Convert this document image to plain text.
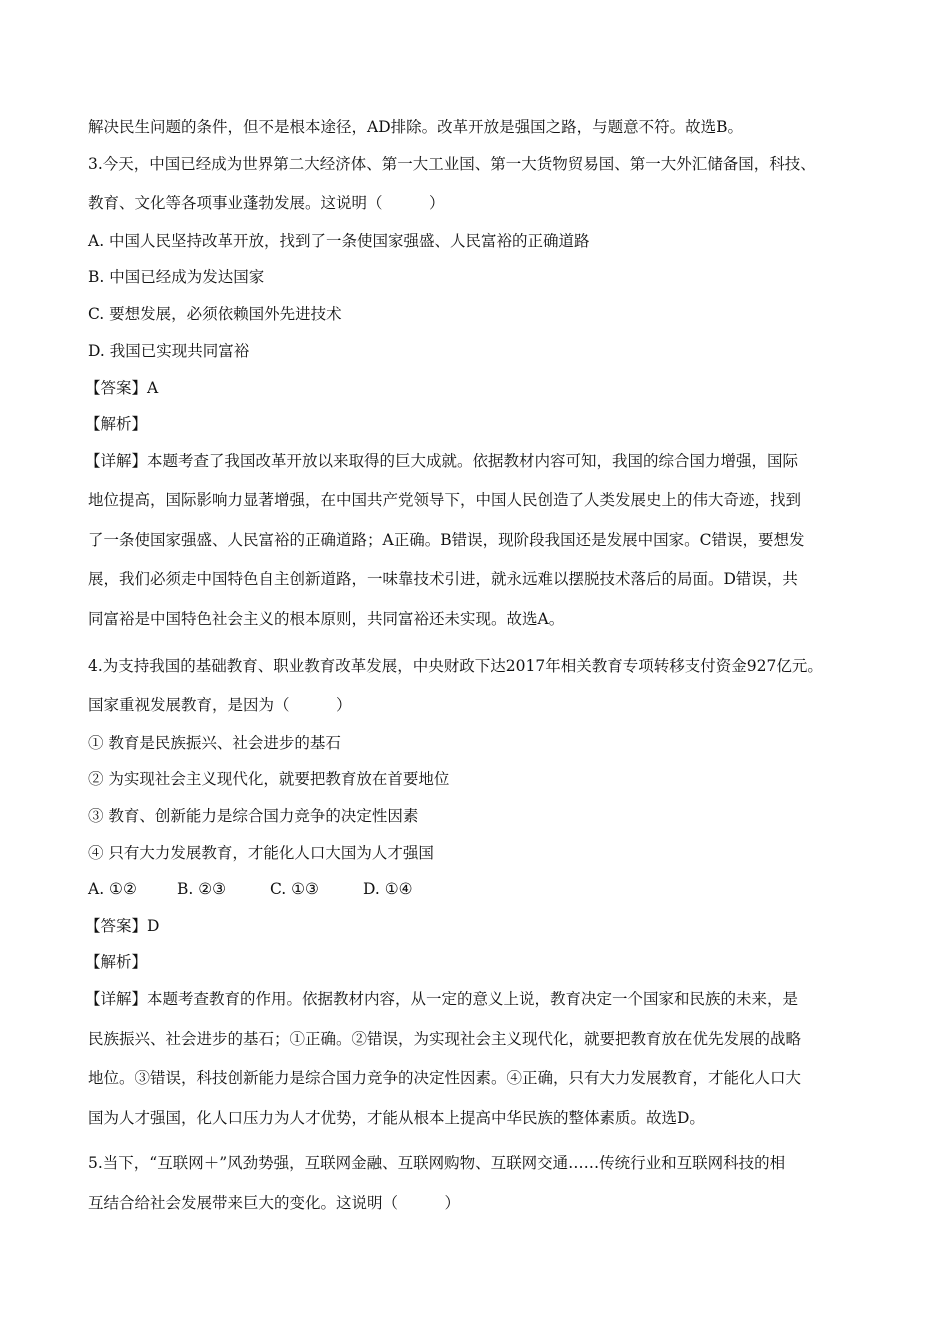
解决民生问题的条件，但不是根本途径，AD排除。改革开放是强国之路，与题意不符。故选B。
3.今天，中国已经成为世界第二大经济体、第一大工业国、第一大货物贸易国、第一大外汇储备国，科技、
教育、文化等各项事业蓬勃发展。这说明（　　　）
A. 中国人民坚持改革开放，找到了一条使国家强盛、人民富裕的正确道路
B. 中国已经成为发达国家
C. 要想发展，必须依赖国外先进技术
D. 我国已实现共同富裕
【答案】A
【解析】
【详解】本题考查了我国改革开放以来取得的巨大成就。依据教材内容可知，我国的综合国力增强，国际
地位提高，国际影响力显著增强，在中国共产党领导下，中国人民创造了人类发展史上的伟大奇迹，找到
了一条使国家强盛、人民富裕的正确道路；A正确。B错误，现阶段我国还是发展中国家。C错误，要想发
展，我们必须走中国特色自主创新道路，一味靠技术引进，就永远难以摆脱技术落后的局面。D错误，共
同富裕是中国特色社会主义的根本原则，共同富裕还未实现。故选A。
4.为支持我国的基础教育、职业教育改革发展，中央财政下达2017年相关教育专项转移支付资金927亿元。
国家重视发展教育，是因为（　　　）
① 教育是民族振兴、社会进步的基石
② 为实现社会主义现代化，就要把教育放在首要地位
③ 教育、创新能力是综合国力竞争的决定性因素
④ 只有大力发展教育，才能化人口大国为人才强国
A. ①②	B. ②③	C. ①③	D. ①④
【答案】D
【解析】
【详解】本题考查教育的作用。依据教材内容，从一定的意义上说，教育决定一个国家和民族的未来，是
民族振兴、社会进步的基石；①正确。②错误，为实现社会主义现代化，就要把教育放在优先发展的战略
地位。③错误，科技创新能力是综合国力竞争的决定性因素。④正确，只有大力发展教育，才能化人口大
国为人才强国，化人口压力为人才优势，才能从根本上提高中华民族的整体素质。故选D。
5.当下，“互联网＋”风劲势强，互联网金融、互联网购物、互联网交通……传统行业和互联网科技的相
互结合给社会发展带来巨大的变化。这说明（　　　）
